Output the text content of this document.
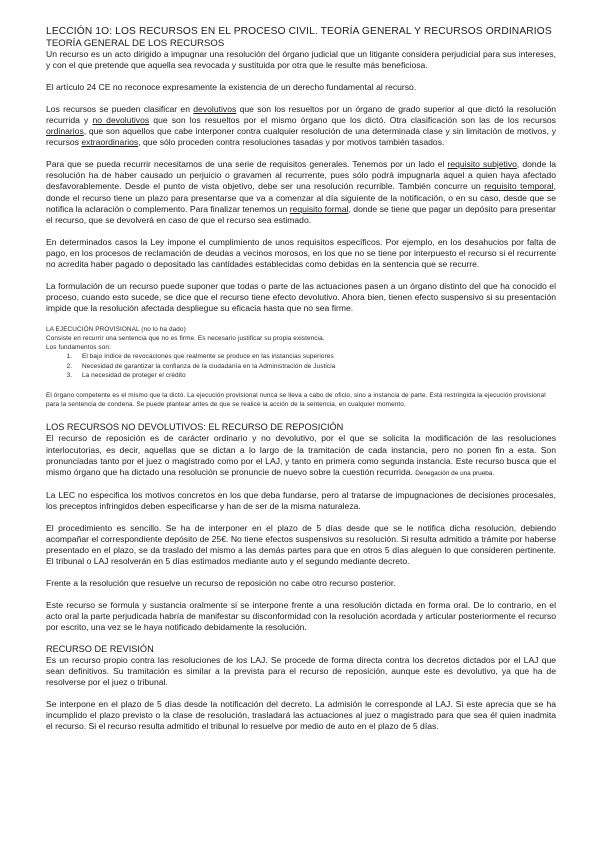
LECCIÓN 1O: LOS RECURSOS EN EL PROCESO CIVIL. TEORÍA GENERAL Y RECURSOS ORDINARIOS
TEORÍA GENERAL DE LOS RECURSOS

Un recurso es un acto dirigido a impugnar una resolución del órgano judicial que un litigante considera perjudicial para sus intereses, y con el que pretende que aquella sea revocada y sustituida por otra que le resulte más beneficiosa.

El artículo 24 CE no reconoce expresamente la existencia de un derecho fundamental al recurso.

Los recursos se pueden clasificar en devolutivos que son los resueltos por un órgano de grado superior al que dictó la resolución recurrida y no devolutivos que son los resueltos por el mismo órgano que los dictó. Otra clasificación son las de los recursos ordinarios, que son aquellos que cabe interponer contra cualquier resolución de una determinada clase y sin limitación de motivos, y recursos extraordinarios, que sólo proceden contra resoluciones tasadas y por motivos también tasados.

Para que se pueda recurrir necesitamos de una serie de requisitos generales. Tenemos por un lado el requisito subjetivo, donde la resolución ha de haber causado un perjuicio o gravamen al recurrente, pues sólo podrá impugnarla aquel a quien haya afectado desfavorablemente. Desde el punto de vista objetivo, debe ser una resolución recurrible. También concurre un requisito temporal, donde el recurso tiene un plazo para presentarse que va a comenzar al día siguiente de la notificación, o en su caso, desde que se notifica la aclaración o complemento. Para finalizar tenemos un requisito formal, donde se tiene que pagar un depósito para presentar el recurso, que se devolverá en caso de que el recurso sea estimado.

En determinados casos la Ley impone el cumplimiento de unos requisitos específicos. Por ejemplo, en los desahucios por falta de pago, en los procesos de reclamación de deudas a vecinos morosos, en los que no se tiene por interpuesto el recurso si el recurrente no acredita haber pagado o depositado las cantidades establecidas como debidas en la sentencia que se recurre.

La formulación de un recurso puede suponer que todas o parte de las actuaciones pasen a un órgano distinto del que ha conocido el proceso, cuando esto sucede, se dice que el recurso tiene efecto devolutivo. Ahora bien, tienen efecto suspensivo si su presentación impide que la resolución afectada despliegue su eficacia hasta que no sea firme.

LA EJECUCIÓN PROVISIONAL (no lo ha dado)
Consiste en recurrir una sentencia que no es firme. Es necesario justificar su propia existencia.
Los fundamentos son:
1. El bajo índice de revocaciones que realmente se produce en las instancias superiores
2. Necesidad de garantizar la confianza de la ciudadanía en la Administración de Justicia
3. La necesidad de proteger el crédito

El órgano competente es el mismo que la dictó. La ejecución provisional nunca se lleva a cabo de oficio, sino a instancia de parte. Está restringida la ejecución provisional para la sentencia de condena. Se puede plantear antes de que se realice la acción de la sentencia, en cualquier momento.

LOS RECURSOS NO DEVOLUTIVOS: EL RECURSO DE REPOSICIÓN

El recurso de reposición es de carácter ordinario y no devolutivo, por el que se solicita la modificación de las resoluciones interlocutorias, es decir, aquellas que se dictan a lo largo de la tramitación de cada instancia, pero no ponen fin a esta. Son pronunciadas tanto por el juez o magistrado como por el LAJ, y tanto en primera como segunda instancia. Este recurso busca que el mismo órgano que ha dictado una resolución se pronuncie de nuevo sobre la cuestión recurrida. Denegación de una prueba.

La LEC no especifica los motivos concretos en los que deba fundarse, pero al tratarse de impugnaciones de decisiones procesales, los preceptos infringidos deben especificarse y han de ser de la misma naturaleza.

El procedimiento es sencillo. Se ha de interponer en el plazo de 5 días desde que se le notifica dicha resolución, debiendo acompañar el correspondiente depósito de 25€. No tiene efectos suspensivos su resolución. Si resulta admitido a trámite por haberse presentado en el plazo, se da traslado del mismo a las demás partes para que en otros 5 días aleguen lo que consideren pertinente. El tribunal o LAJ resolverán en 5 días estimados mediante auto y el segundo mediante decreto.

Frente a la resolución que resuelve un recurso de reposición no cabe otro recurso posterior.

Este recurso se formula y sustancia oralmente si se interpone frente a una resolución dictada en forma oral. De lo contrario, en el acto oral la parte perjudicada habría de manifestar su disconformidad con la resolución acordada y articular posteriormente el recurso por escrito, una vez se le haya notificado debidamente la resolución.

RECURSO DE REVISIÓN

Es un recurso propio contra las resoluciones de los LAJ. Se procede de forma directa contra los decretos dictados por el LAJ que sean definitivos. Su tramitación es similar a la prevista para el recurso de reposición, aunque este es devolutivo, ya que ha de resolverse por el juez o tribunal.

Se interpone en el plazo de 5 días desde la notificación del decreto. La admisión le corresponde al LAJ. Si este aprecia que se ha incumplido el plazo previsto o la clase de resolución, trasladará las actuaciones al juez o magistrado para que sea él quien inadmita el recurso. Si el recurso resulta admitido el tribunal lo resuelve por medio de auto en el plazo de 5 días.
